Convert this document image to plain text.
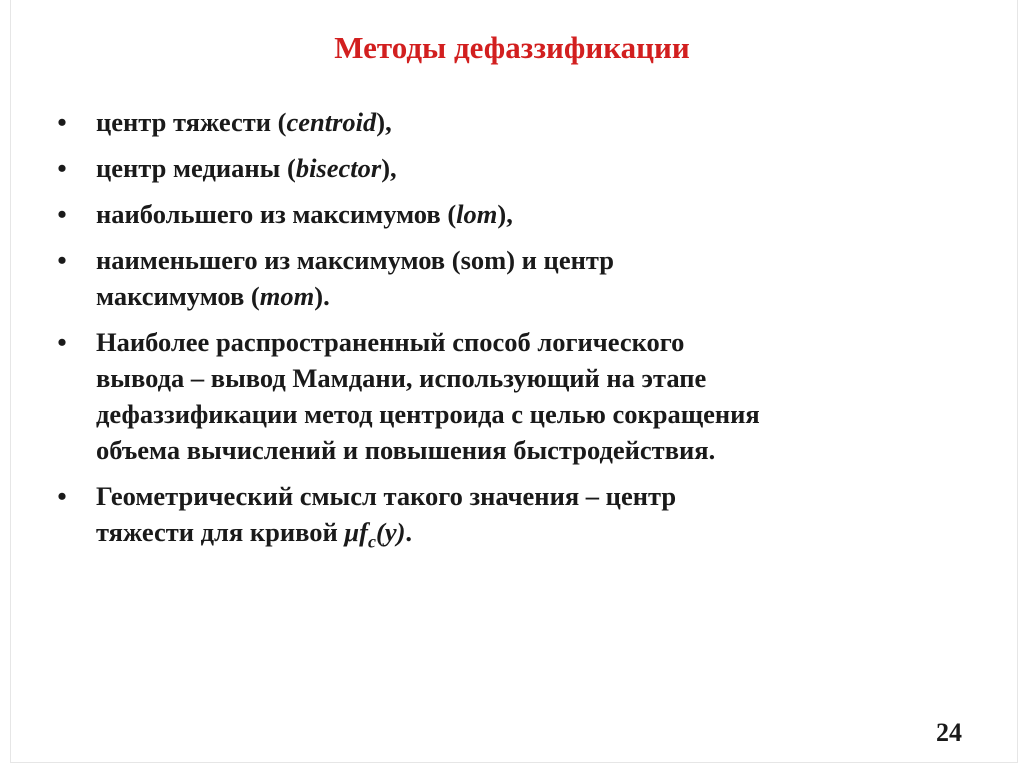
Методы дефаззификации
• центр тяжести (centroid),
• центр медианы (bisector),
• наибольшего из максимумов (lom),
• наименьшего из максимумов (som) и центр
максимумов (mom).
• Наиболее распространенный способ логического
вывода – вывод Мамдани, использующий на этапе
дефаззификации метод центроида с целью сокращения
объема вычислений и повышения быстродействия.
• Геометрический смысл такого значения – центр
тяжести для кривой $\mu f_c(y)$.
24
